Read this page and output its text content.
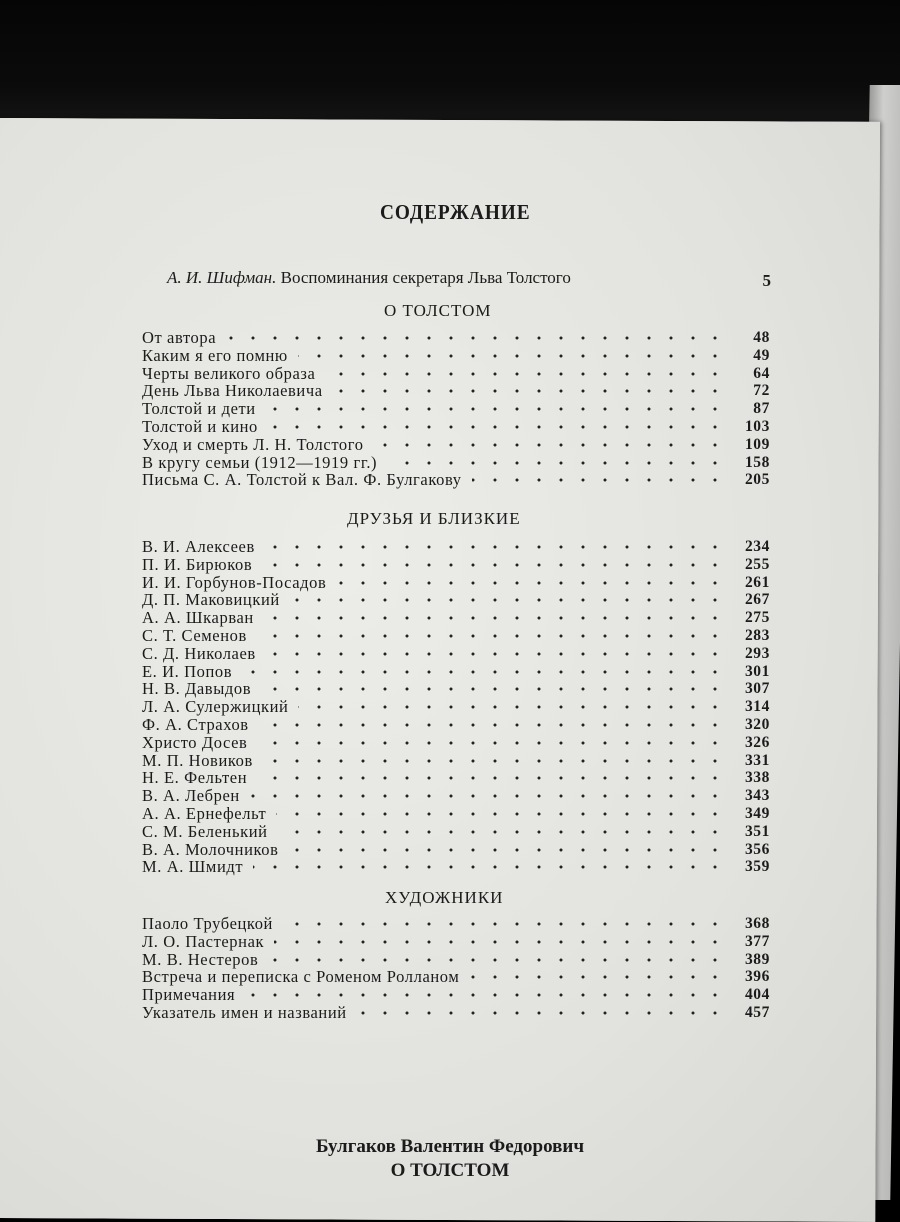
СОДЕРЖАНИЕ
А. И. Шифман. Воспоминания секретаря Льва Толстого	5
О ТОЛСТОМ
От автора	48
Каким я его помню	49
Черты великого образа	64
День Льва Николаевича	72
Толстой и дети	87
Толстой и кино	103
Уход и смерть Л. Н. Толстого	109
В кругу семьи (1912—1919 гг.)	158
Письма С. А. Толстой к Вал. Ф. Булгакову	205
ДРУЗЬЯ И БЛИЗКИЕ
В. И. Алексеев	234
П. И. Бирюков	255
И. И. Горбунов-Посадов	261
Д. П. Маковицкий	267
А. А. Шкарван	275
С. Т. Семенов	283
С. Д. Николаев	293
Е. И. Попов	301
Н. В. Давыдов	307
Л. А. Сулержицкий	314
Ф. А. Страхов	320
Христо Досев	326
М. П. Новиков	331
Н. Е. Фельтен	338
В. А. Лебрен	343
А. А. Ернефельт	349
С. М. Беленький	351
В. А. Молочников	356
М. А. Шмидт	359
ХУДОЖНИКИ
Паоло Трубецкой	368
Л. О. Пастернак	377
М. В. Нестеров	389
Встреча и переписка с Роменом Ролланом	396
Примечания	404
Указатель имен и названий	457
Булгаков Валентин Федорович
О ТОЛСТОМ
